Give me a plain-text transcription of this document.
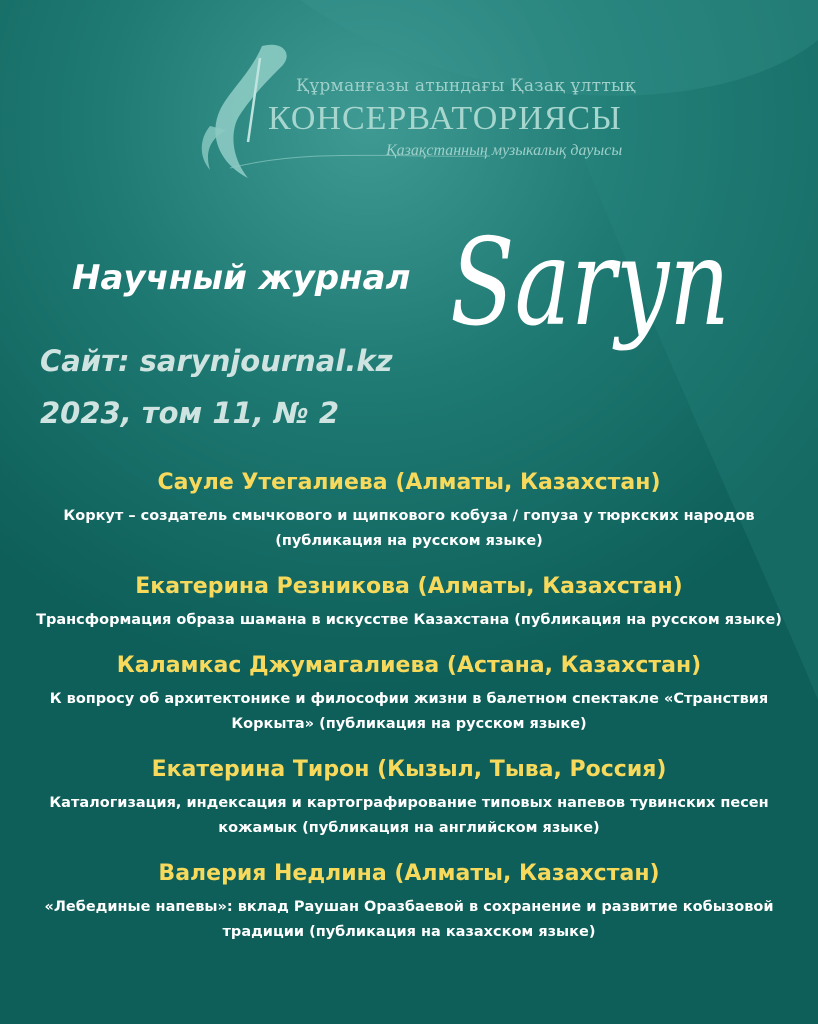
Құрманғазы атындағы Қазақ ұлттық
КОНСЕРВАТОРИЯСЫ
Қазақстанның музыкалық дауысы
Научный журнал Saryn
Сайт: sarynjournal.kz
2023, том 11, № 2
Сауле Утегалиева (Алматы, Казахстан)
Коркут – создатель смычкового и щипкового кобуза / гопуза у тюркских народов (публикация на русском языке)
Екатерина Резникова (Алматы, Казахстан)
Трансформация образа шамана в искусстве Казахстана (публикация на русском языке)
Каламкас Джумагалиева (Астана, Казахстан)
К вопросу об архитектонике и философии жизни в балетном спектакле «Странствия Коркыта» (публикация на русском языке)
Екатерина Тирон (Кызыл, Тыва, Россия)
Каталогизация, индексация и картографирование типовых напевов тувинских песен кожамык (публикация на английском языке)
Валерия Недлина (Алматы, Казахстан)
«Лебединые напевы»: вклад Раушан Оразбаевой в сохранение и развитие кобызовой традиции (публикация на казахском языке)
